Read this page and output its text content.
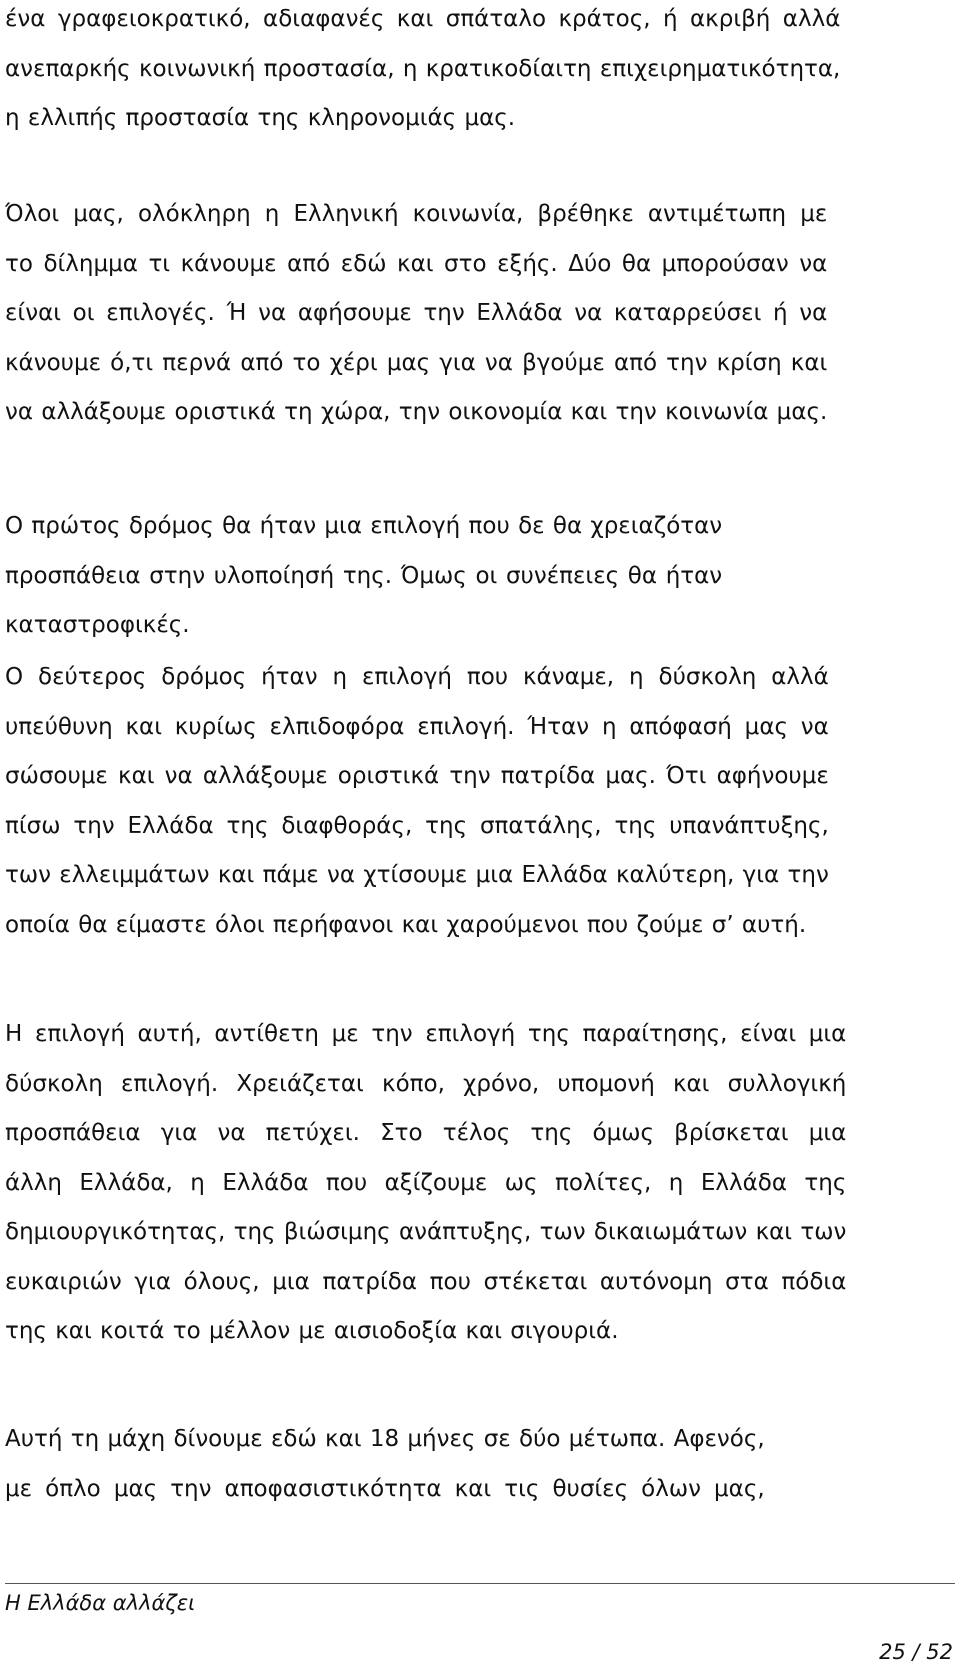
ένα γραφειοκρατικό, αδιαφανές και σπάταλο κράτος, ή ακριβή αλλά
ανεπαρκής κοινωνική προστασία, η κρατικοδίαιτη επιχειρηματικότητα,
η ελλιπής προστασία της κληρονομιάς μας.

Όλοι μας, ολόκληρη η Ελληνική κοινωνία, βρέθηκε αντιμέτωπη με
το δίλημμα τι κάνουμε από εδώ και στο εξής. Δύο θα μπορούσαν να
είναι οι επιλογές. Ή να αφήσουμε την Ελλάδα να καταρρεύσει ή να
κάνουμε ό,τι περνά από το χέρι μας για να βγούμε από την κρίση και
να αλλάξουμε οριστικά τη χώρα, την οικονομία και την κοινωνία μας.

Ο πρώτος δρόμος θα ήταν μια επιλογή που δε θα χρειαζόταν
προσπάθεια στην υλοποίησή της. Όμως οι συνέπειες θα ήταν
καταστροφικές.

Ο δεύτερος δρόμος ήταν η επιλογή που κάναμε, η δύσκολη αλλά
υπεύθυνη και κυρίως ελπιδοφόρα επιλογή. Ήταν η απόφασή μας να
σώσουμε και να αλλάξουμε οριστικά την πατρίδα μας. Ότι αφήνουμε
πίσω την Ελλάδα της διαφθοράς, της σπατάλης, της υπανάπτυξης,
των ελλειμμάτων και πάμε να χτίσουμε μια Ελλάδα καλύτερη, για την
οποία θα είμαστε όλοι περήφανοι και χαρούμενοι που ζούμε σ’ αυτή.

Η επιλογή αυτή, αντίθετη με την επιλογή της παραίτησης, είναι μια
δύσκολη επιλογή. Χρειάζεται κόπο, χρόνο, υπομονή και συλλογική
προσπάθεια για να πετύχει. Στο τέλος της όμως βρίσκεται μια
άλλη Ελλάδα, η Ελλάδα που αξίζουμε ως πολίτες, η Ελλάδα της
δημιουργικότητας, της βιώσιμης ανάπτυξης, των δικαιωμάτων και των
ευκαιριών για όλους, μια πατρίδα που στέκεται αυτόνομη στα πόδια
της και κοιτά το μέλλον με αισιοδοξία και σιγουριά.

Αυτή τη μάχη δίνουμε εδώ και 18 μήνες σε δύο μέτωπα. Αφενός,
με όπλο μας την αποφασιστικότητα και τις θυσίες όλων μας,

Η Ελλάδα αλλάζει
25 / 52
